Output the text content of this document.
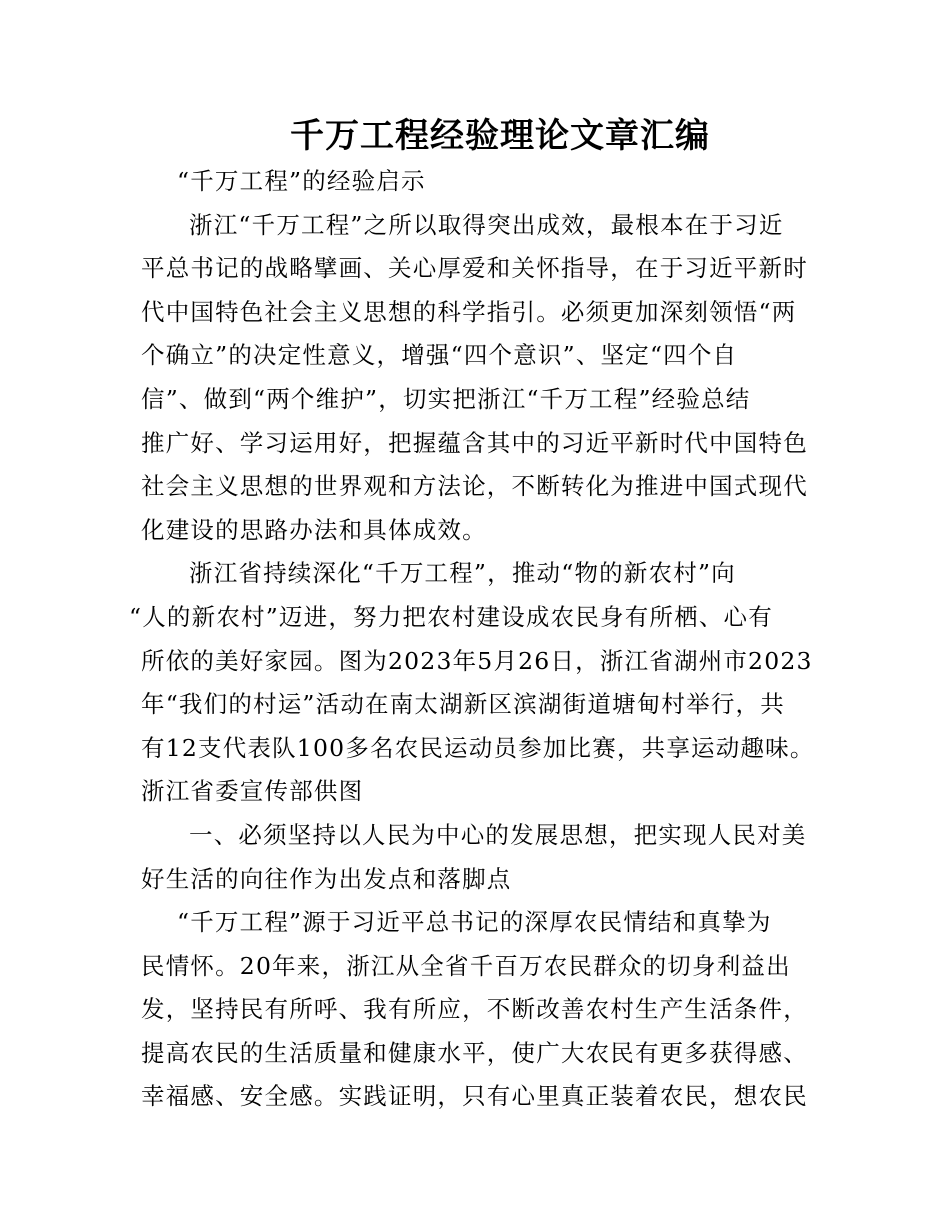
千万工程经验理论文章汇编
“千万工程”的经验启示
浙江“千万工程”之所以取得突出成效，最根本在于习近
平总书记的战略擘画、关心厚爱和关怀指导，在于习近平新时
代中国特色社会主义思想的科学指引。必须更加深刻领悟“两
个确立”的决定性意义，增强“四个意识”、坚定“四个自
信”、做到“两个维护”，切实把浙江“千万工程”经验总结
推广好、学习运用好，把握蕴含其中的习近平新时代中国特色
社会主义思想的世界观和方法论，不断转化为推进中国式现代
化建设的思路办法和具体成效。
浙江省持续深化“千万工程”，推动“物的新农村”向
“人的新农村”迈进，努力把农村建设成农民身有所栖、心有
所依的美好家园。图为2023年5月26日，浙江省湖州市2023
年“我们的村运”活动在南太湖新区滨湖街道塘甸村举行，共
有12支代表队100多名农民运动员参加比赛，共享运动趣味。
浙江省委宣传部供图
一、必须坚持以人民为中心的发展思想，把实现人民对美
好生活的向往作为出发点和落脚点
“千万工程”源于习近平总书记的深厚农民情结和真挚为
民情怀。20年来，浙江从全省千百万农民群众的切身利益出
发，坚持民有所呼、我有所应，不断改善农村生产生活条件，
提高农民的生活质量和健康水平，使广大农民有更多获得感、
幸福感、安全感。实践证明，只有心里真正装着农民，想农民
